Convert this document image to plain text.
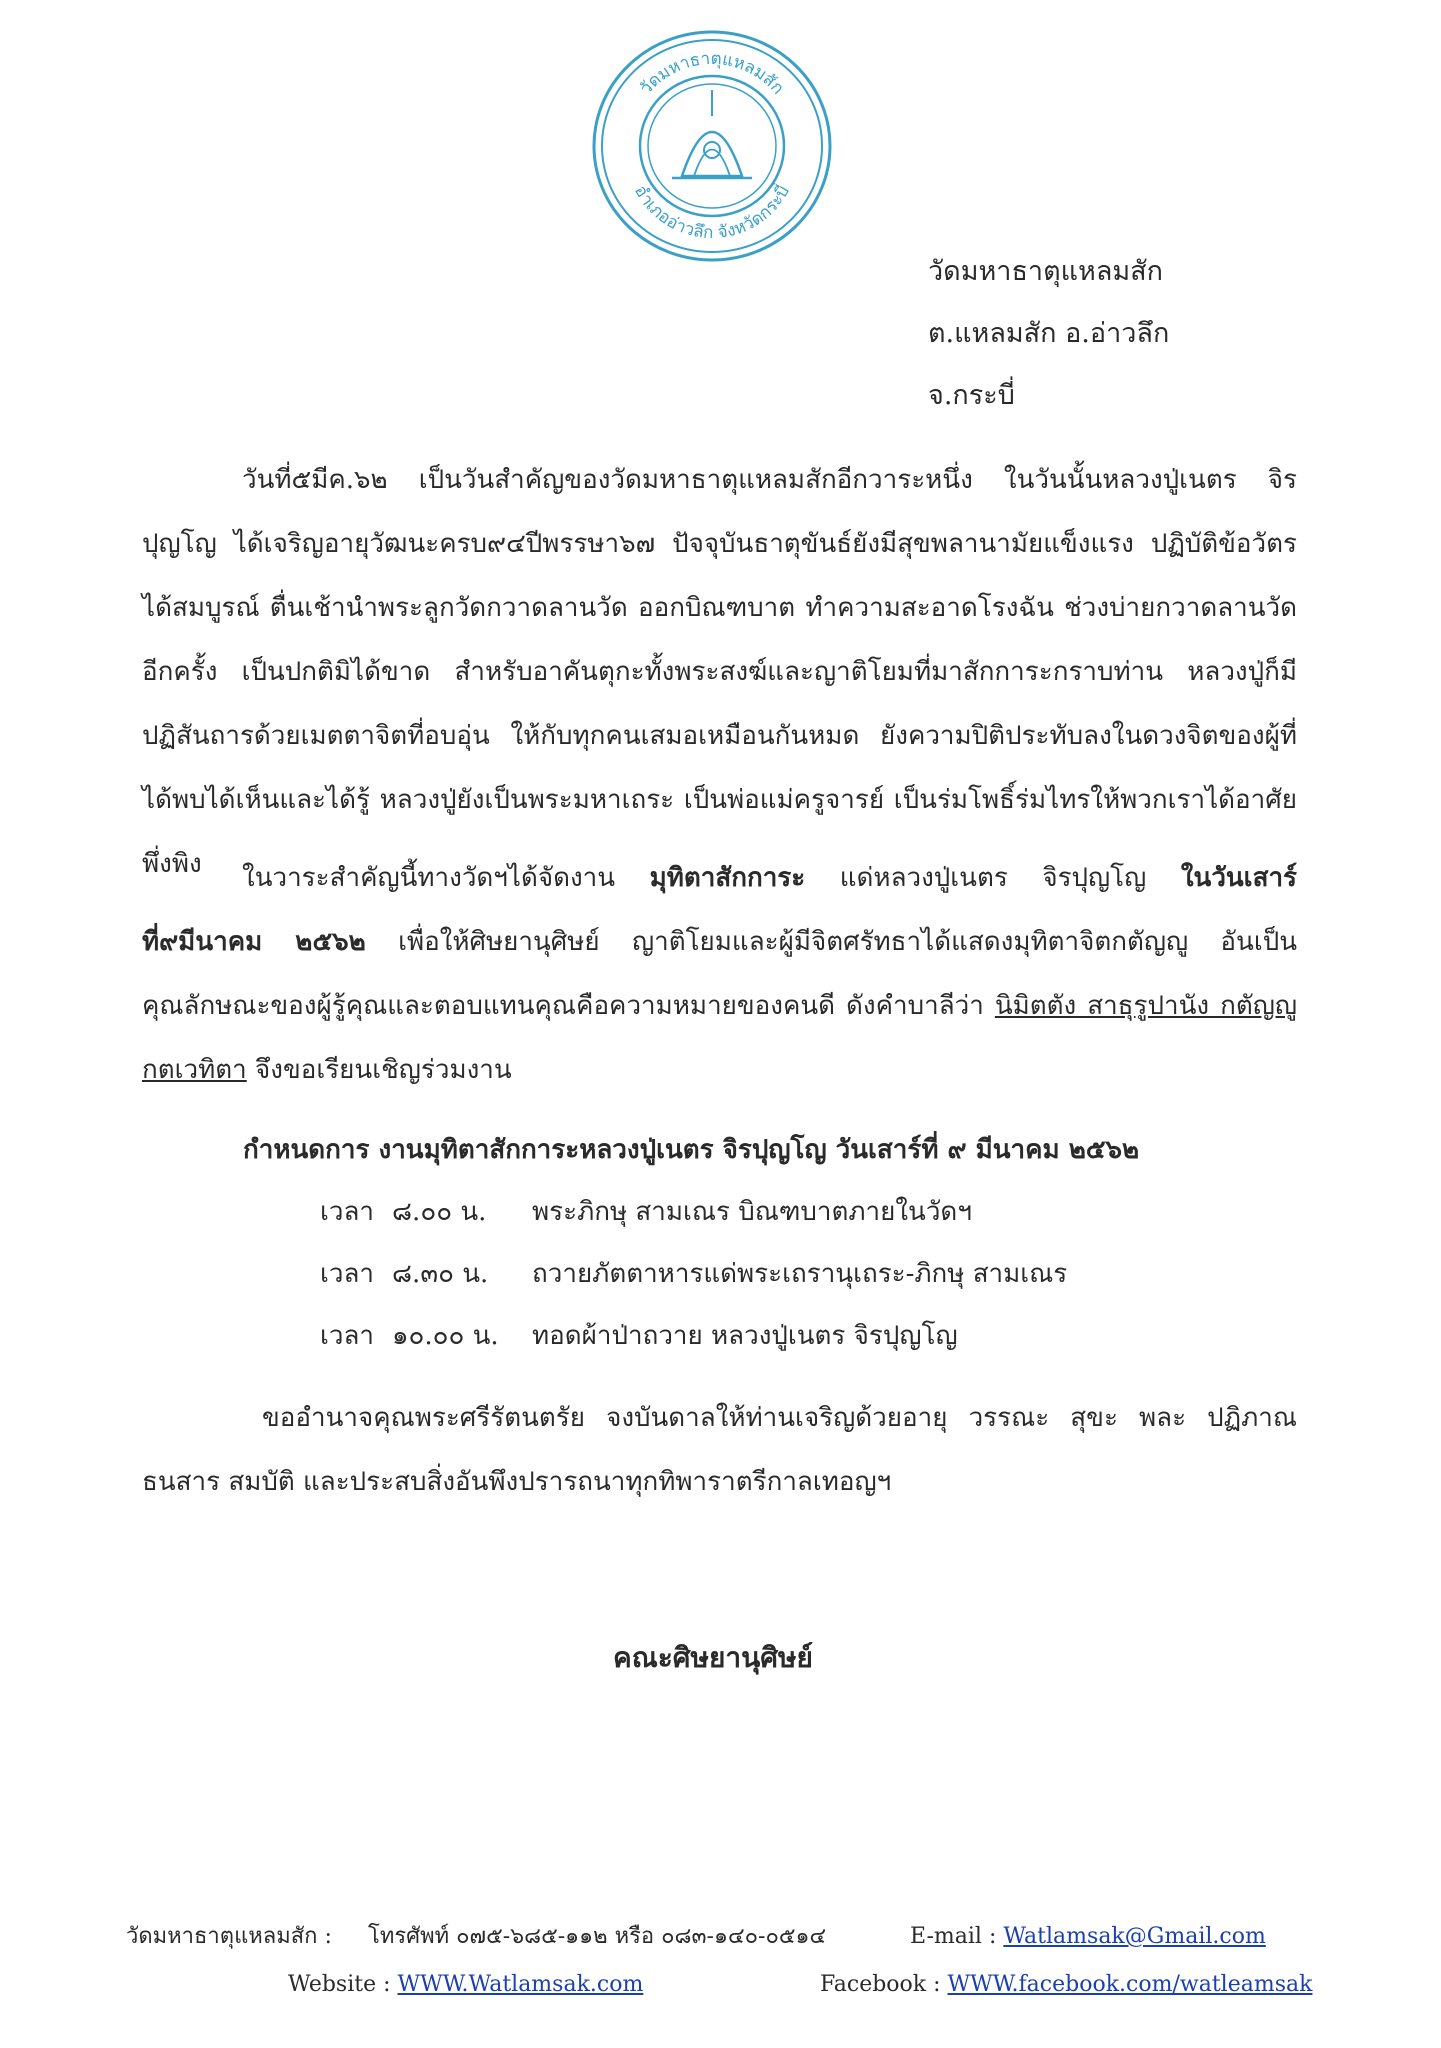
วัดมหาธาตุแหลมสัก
อำเภออ่าวลึก จังหวัดกระบี่
วัดมหาธาตุแหลมสัก
ต.แหลมสัก อ.อ่าวลึก
จ.กระบี่
วันที่๕มีค.๖๒ เป็นวันสำคัญของวัดมหาธาตุแหลมสักอีกวาระหนึ่ง ในวันนั้นหลวงปู่เนตร จิรปุญโญ ได้เจริญอายุวัฒนะครบ๙๔ปีพรรษา๖๗ ปัจจุบันธาตุขันธ์ยังมีสุขพลานามัยแข็งแรง ปฏิบัติข้อวัตรได้สมบูรณ์ ตื่นเช้านำพระลูกวัดกวาดลานวัด ออกบิณฑบาต ทำความสะอาดโรงฉัน ช่วงบ่ายกวาดลานวัดอีกครั้ง เป็นปกติมิได้ขาด สำหรับอาคันตุกะทั้งพระสงฆ์และญาติโยมที่มาสักการะกราบท่าน หลวงปู่ก็มีปฏิสันถารด้วยเมตตาจิตที่อบอุ่น ให้กับทุกคนเสมอเหมือนกันหมด ยังความปิติประทับลงในดวงจิตของผู้ที่ได้พบได้เห็นและได้รู้ หลวงปู่ยังเป็นพระมหาเถระ เป็นพ่อแม่ครูจารย์ เป็นร่มโพธิ์ร่มไทรให้พวกเราได้อาศัยพึ่งพิง	ในวาระสำคัญนี้ทางวัดฯได้จัดงาน มุทิตาสักการะ แด่หลวงปู่เนตร จิรปุญโญ ในวันเสาร์ที่๙มีนาคม ๒๕๖๒ เพื่อให้ศิษยานุศิษย์ ญาติโยมและผู้มีจิตศรัทธาได้แสดงมุทิตาจิตกตัญญู อันเป็นคุณลักษณะของผู้รู้คุณและตอบแทนคุณคือความหมายของคนดี ดังคำบาลีว่า นิมิตตัง สาธุรูปานัง กตัญญูกตเวทิตา จึงขอเรียนเชิญร่วมงาน
กำหนดการ งานมุทิตาสักการะหลวงปู่เนตร จิรปุญโญ วันเสาร์ที่ ๙ มีนาคม ๒๕๖๒
เวลา ๘.๐๐ น. พระภิกษุ สามเณร บิณฑบาตภายในวัดฯ
เวลา ๘.๓๐ น. ถวายภัตตาหารแด่พระเถรานุเถระ-ภิกษุ สามเณร
เวลา ๑๐.๐๐ น. ทอดผ้าป่าถวาย หลวงปู่เนตร จิรปุญโญ
ขออำนาจคุณพระศรีรัตนตรัย จงบันดาลให้ท่านเจริญด้วยอายุ วรรณะ สุขะ พละ ปฏิภาณ ธนสาร สมบัติ และประสบสิ่งอันพึงปรารถนาทุกทิพาราตรีกาลเทอญฯ
คณะศิษยานุศิษย์
วัดมหาธาตุแหลมสัก : โทรศัพท์ ๐๗๕-๖๘๕-๑๑๒ หรือ ๐๘๓-๑๔๐-๐๕๑๔	E-mail : Watlamsak@Gmail.com
Website : WWW.Watlamsak.com	Facebook : WWW.facebook.com/watleamsak
